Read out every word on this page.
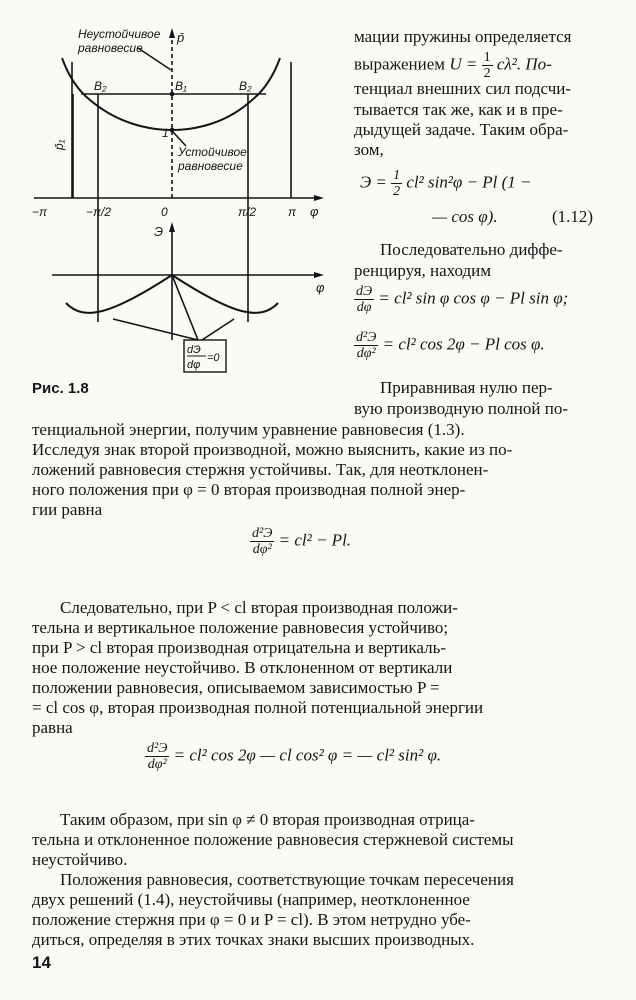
Неустойчивое
равновесие
p̄
B₂	B₁	B₂
1
p̄₁
Устойчивое
равновесие
−π	−π/2	0	π/2	π φ
Э
φ
dЭ
dφ
=0
Рис. 1.8
мации пружины определяется
выражением $U = \frac{1}{2} c\lambda^2$. По-
тенциал внешних сил подсчи-
тывается так же, как и в пре-
дыдущей задаче. Таким обра-
зом,
$Э = \frac{1}{2} cl^2$ sin²φ − Pl (1 −
— cos φ).	(1.12)
Последовательно диффе-
ренцируя, находим
$\frac{dЭ}{d\varphi} = cl^2$ sin φ cos φ − Pl sin φ;
$\frac{\text{d²Э}}{\text{dφ²}} = cl^2$ cos 2φ − Pl cos φ.
Приравнивая нулю пер-
вую производную полной по-
тенциальной энергии, получим уравнение равновесия (1.3).
Исследуя знак второй производной, можно выяснить, какие из по-
ложений равновесия стержня устойчивы. Так, для неотклонен-
ного положения при φ = 0 вторая производная полной энер-
гии равна
$\frac{\text{d²Э}}{\text{dφ²}} = cl^2 - Pl$.
Следовательно, при P < cl вторая производная положи-
тельна и вертикальное положение равновесия устойчиво;
при P > cl вторая производная отрицательна и вертикаль-
ное положение неустойчиво. В отклоненном от вертикали
положении равновесия, описываемом зависимостью P =
= cl cos φ, вторая производная полной потенциальной энергии
равна
$\frac{\text{d²Э}}{\text{dφ²}} = cl^2$ cos 2φ — cl cos² φ = — cl² sin² φ.
Таким образом, при sin φ ≠ 0 вторая производная отрица-
тельна и отклоненное положение равновесия стержневой системы
неустойчиво.
Положения равновесия, соответствующие точкам пересечения
двух решений (1.4), неустойчивы (например, неотклоненное
положение стержня при φ = 0 и P = cl). В этом нетрудно убе-
диться, определяя в этих точках знаки высших производных.
14
